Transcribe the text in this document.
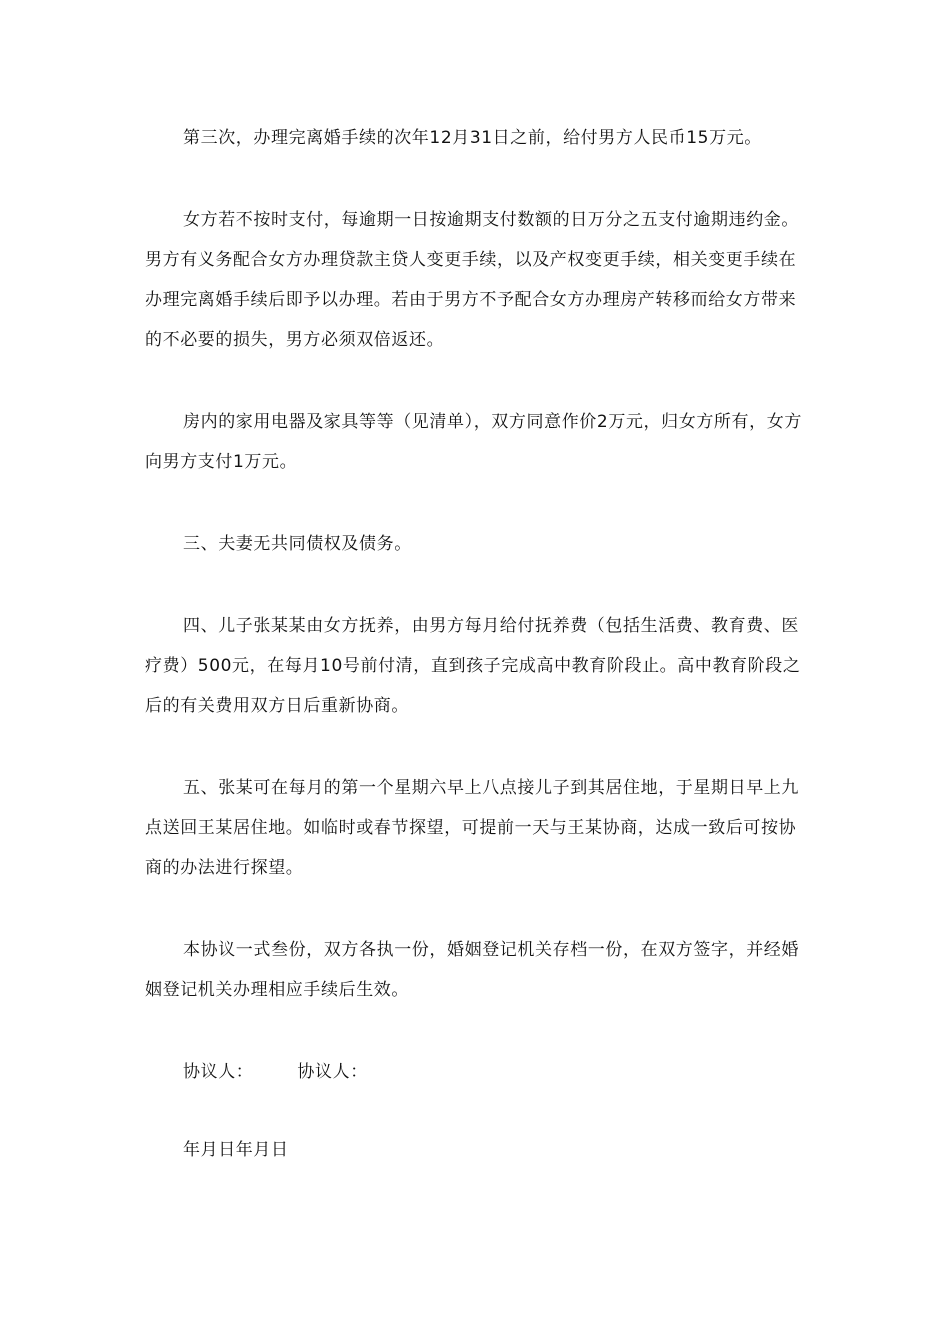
第三次，办理完离婚手续的次年12月31日之前，给付男方人民币15万元。

女方若不按时支付，每逾期一日按逾期支付数额的日万分之五支付逾期违约金。男方有义务配合女方办理贷款主贷人变更手续，以及产权变更手续，相关变更手续在办理完离婚手续后即予以办理。若由于男方不予配合女方办理房产转移而给女方带来的不必要的损失，男方必须双倍返还。

房内的家用电器及家具等等（见清单），双方同意作价2万元，归女方所有，女方向男方支付1万元。

三、夫妻无共同债权及债务。

四、儿子张某某由女方抚养，由男方每月给付抚养费（包括生活费、教育费、医疗费）500元，在每月10号前付清，直到孩子完成高中教育阶段止。高中教育阶段之后的有关费用双方日后重新协商。

五、张某可在每月的第一个星期六早上八点接儿子到其居住地，于星期日早上九点送回王某居住地。如临时或春节探望，可提前一天与王某协商，达成一致后可按协商的办法进行探望。

本协议一式叁份，双方各执一份，婚姻登记机关存档一份，在双方签字，并经婚姻登记机关办理相应手续后生效。

协议人：	协议人：

年月日年月日
